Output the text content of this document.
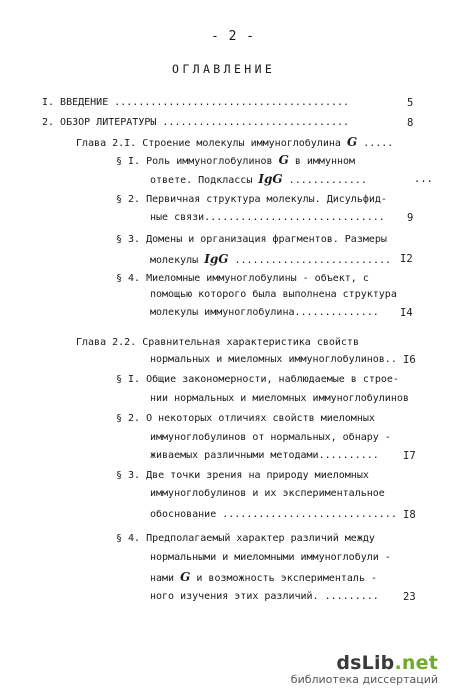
- 2 -
ОГЛАВЛЕНИЕ
I. ВВЕДЕНИЕ .......................................	5
2. ОБЗОР ЛИТЕРАТУРЫ ...............................	8
Глава 2.I. Строение молекулы иммуноглобулина G .....
§ I. Роль иммуноглобулинов G в иммунном
ответе. Подклассы IgG .............	...
§ 2. Первичная структура молекулы. Дисульфид-
ные связи.............................. 9
§ 3. Домены и организация фрагментов. Размеры
молекулы IgG .......................... I2
§ 4. Миеломные иммуноглобулины - объект, с
помощью которого была выполнена структура
молекулы иммуноглобулина.............. I4
Глава 2.2. Сравнительная характеристика свойств
нормальных и миеломных иммуноглобулинов.. I6
§ I. Общие закономерности, наблюдаемые в строе-
нии нормальных и миеломных иммуноглобулинов
§ 2. О некоторых отличиях свойств миеломных
иммуноглобулинов от нормальных, обнару -
живаемых различными методами.......... I7
§ 3. Две точки зрения на природу миеломных
иммуноглобулинов и их экспериментальное
обоснование ............................. I8
§ 4. Предполагаемый характер различий между
нормальными и миеломными иммуноглобули -
нами G и возможность эксперименталь -
ного изучения этих различий. ......... 23
dsLib.net
библиотека диссертаций
